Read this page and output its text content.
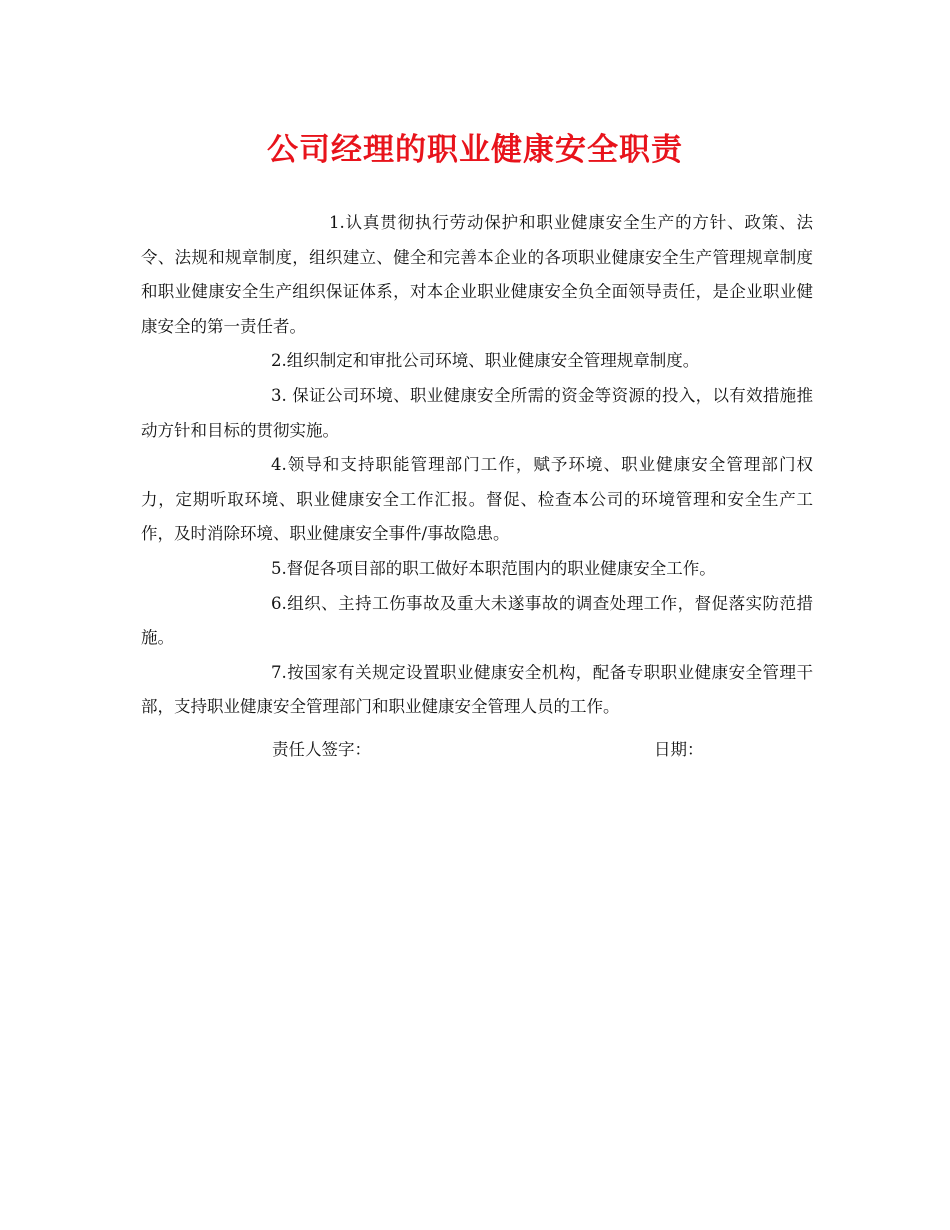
公司经理的职业健康安全职责

1.认真贯彻执行劳动保护和职业健康安全生产的方针、政策、法令、法规和规章制度，组织建立、健全和完善本企业的各项职业健康安全生产管理规章制度和职业健康安全生产组织保证体系，对本企业职业健康安全负全面领导责任，是企业职业健康安全的第一责任者。

2.组织制定和审批公司环境、职业健康安全管理规章制度。

3. 保证公司环境、职业健康安全所需的资金等资源的投入，以有效措施推动方针和目标的贯彻实施。

4.领导和支持职能管理部门工作，赋予环境、职业健康安全管理部门权力，定期听取环境、职业健康安全工作汇报。督促、检查本公司的环境管理和安全生产工作，及时消除环境、职业健康安全事件/事故隐患。

5.督促各项目部的职工做好本职范围内的职业健康安全工作。

6.组织、主持工伤事故及重大未遂事故的调查处理工作，督促落实防范措施。

7.按国家有关规定设置职业健康安全机构，配备专职职业健康安全管理干部，支持职业健康安全管理部门和职业健康安全管理人员的工作。

责任人签字：	日期：
